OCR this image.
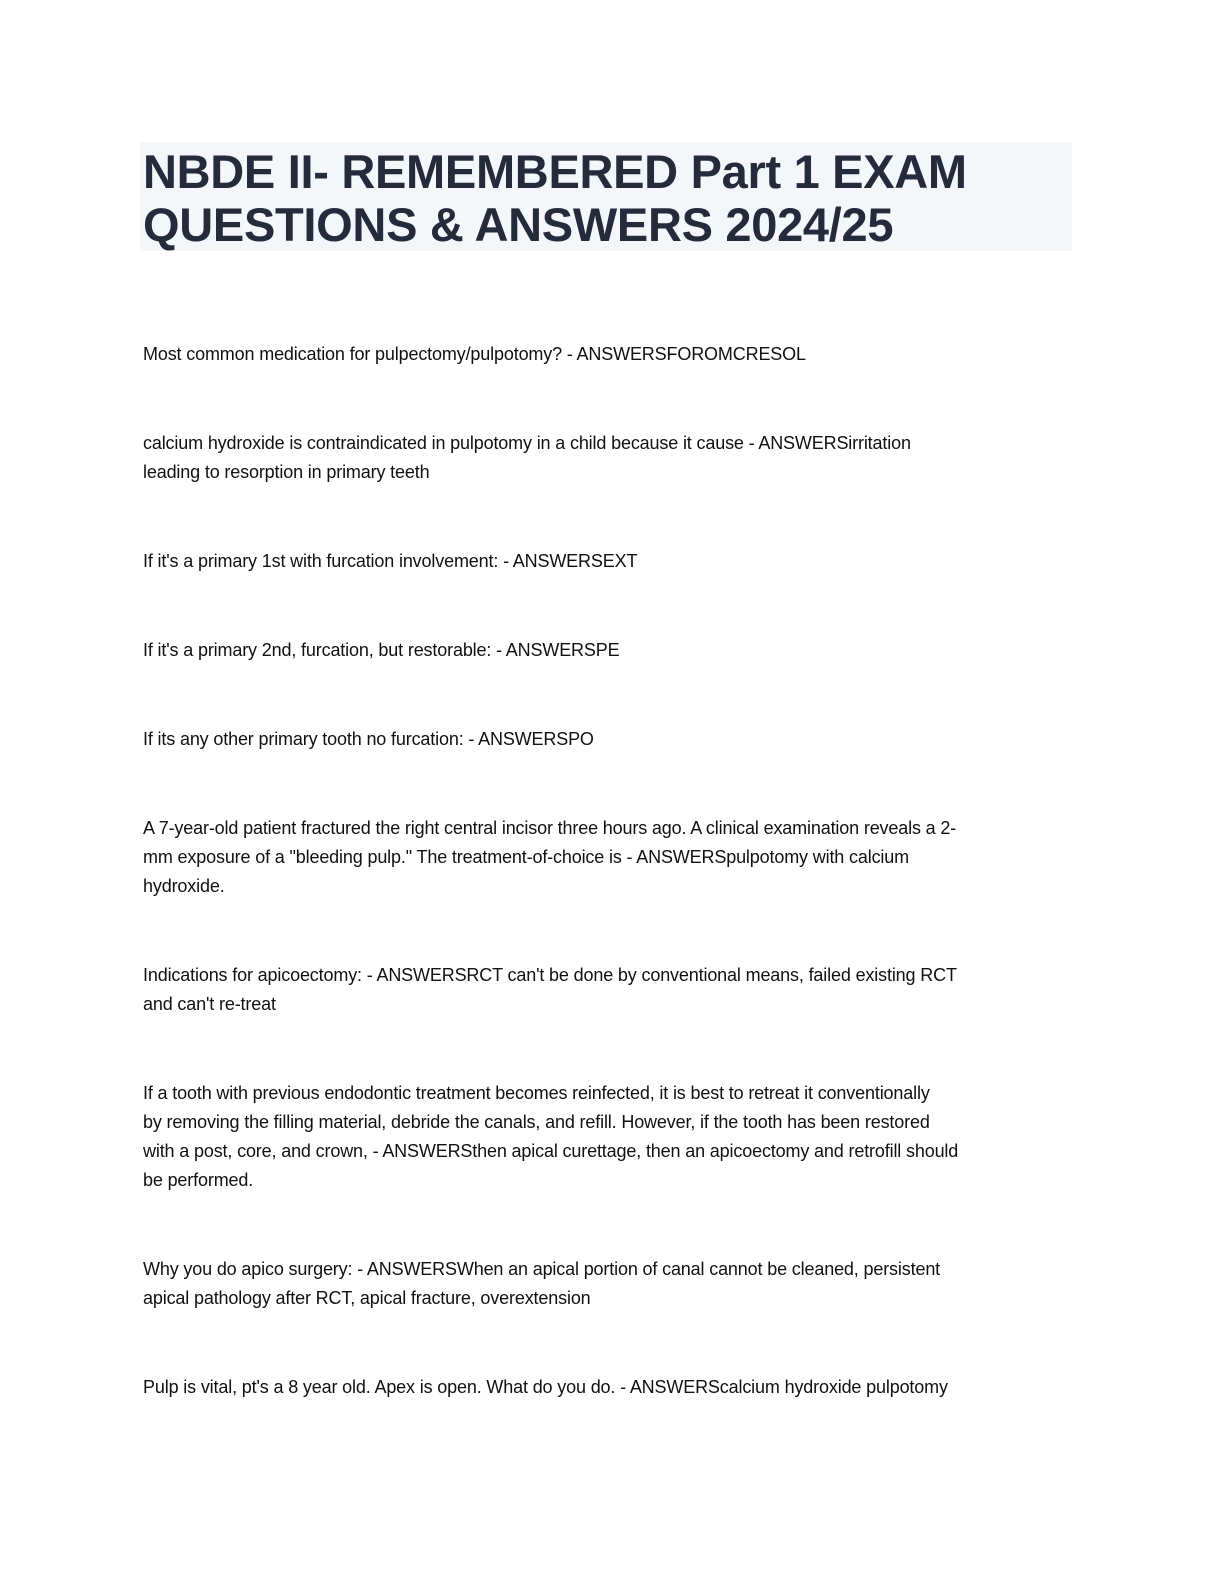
NBDE II- REMEMBERED Part 1 EXAM
QUESTIONS & ANSWERS 2024/25
Most common medication for pulpectomy/pulpotomy? - ANSWERSFOROMCRESOL
calcium hydroxide is contraindicated in pulpotomy in a child because it cause - ANSWERSirritation
leading to resorption in primary teeth
If it's a primary 1st with furcation involvement: - ANSWERSEXT
If it's a primary 2nd, furcation, but restorable: - ANSWERSPE
If its any other primary tooth no furcation: - ANSWERSPO
A 7-year-old patient fractured the right central incisor three hours ago. A clinical examination reveals a 2-
mm exposure of a "bleeding pulp." The treatment-of-choice is - ANSWERSpulpotomy with calcium
hydroxide.
Indications for apicoectomy: - ANSWERSRCT can't be done by conventional means, failed existing RCT
and can't re-treat
If a tooth with previous endodontic treatment becomes reinfected, it is best to retreat it conventionally
by removing the filling material, debride the canals, and refill. However, if the tooth has been restored
with a post, core, and crown, - ANSWERSthen apical curettage, then an apicoectomy and retrofill should
be performed.
Why you do apico surgery: - ANSWERSWhen an apical portion of canal cannot be cleaned, persistent
apical pathology after RCT, apical fracture, overextension
Pulp is vital, pt's a 8 year old. Apex is open. What do you do. - ANSWERScalcium hydroxide pulpotomy
